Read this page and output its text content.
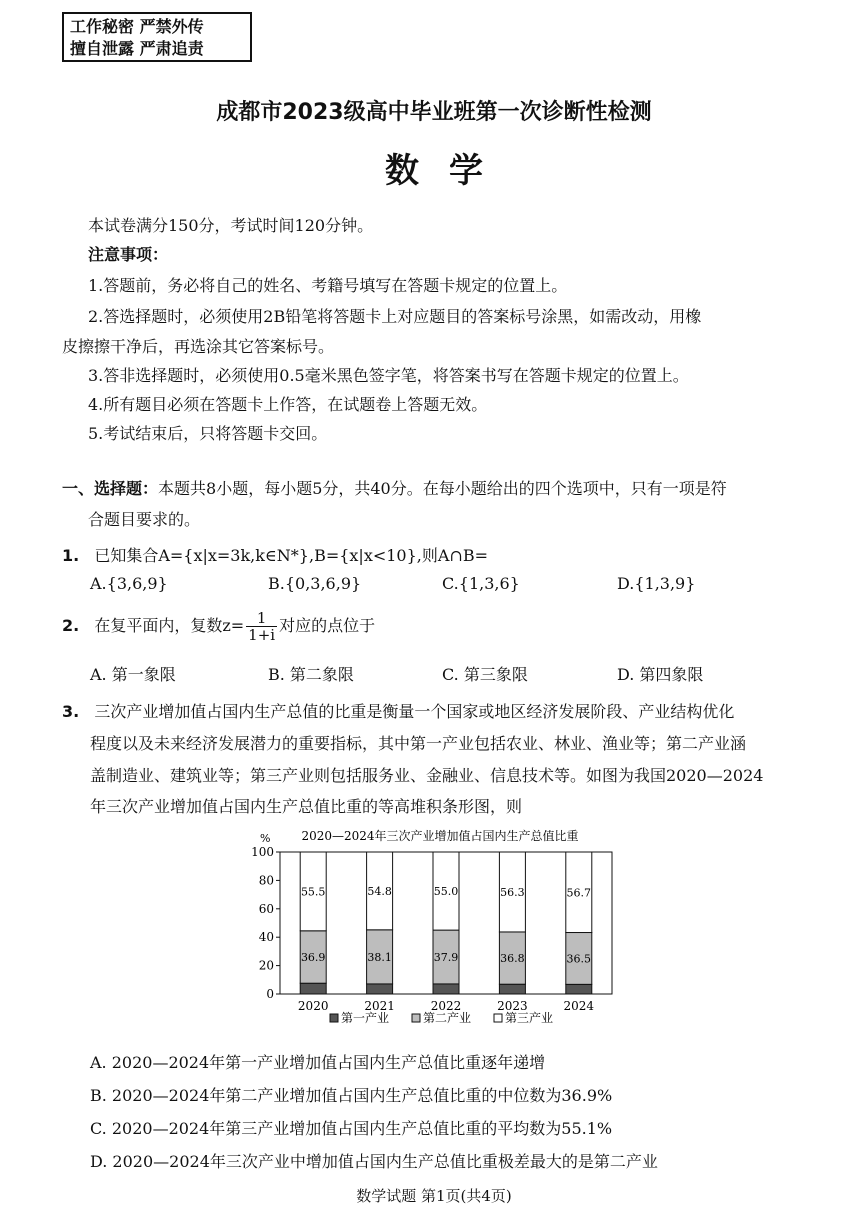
工作秘密 严禁外传
擅自泄露 严肃追责
成都市2023级高中毕业班第一次诊断性检测
数学
本试卷满分150分，考试时间120分钟。
注意事项：
1.答题前，务必将自己的姓名、考籍号填写在答题卡规定的位置上。
2.答选择题时，必须使用2B铅笔将答题卡上对应题目的答案标号涂黑，如需改动，用橡
皮擦擦干净后，再选涂其它答案标号。
3.答非选择题时，必须使用0.5毫米黑色签字笔，将答案书写在答题卡规定的位置上。
4.所有题目必须在答题卡上作答，在试题卷上答题无效。
5.考试结束后，只将答题卡交回。
一、选择题：本题共8小题，每小题5分，共40分。在每小题给出的四个选项中，只有一项是符
合题目要求的。
1. 已知集合A={x|x=3k,k∈N*},B={x|x<10},则A∩B=
A.{3,6,9}	B.{0,3,6,9}	C.{1,3,6}	D.{1,3,9}
2. 在复平面内，复数$z= \frac{1}{1+i}$ 对应的点位于
A. 第一象限	B. 第二象限	C. 第三象限	D. 第四象限
3. 三次产业增加值占国内生产总值的比重是衡量一个国家或地区经济发展阶段、产业结构优化
程度以及未来经济发展潜力的重要指标，其中第一产业包括农业、林业、渔业等；第二产业涵
盖制造业、建筑业等；第三产业则包括服务业、金融业、信息技术等。如图为我国2020—2024
年三次产业增加值占国内生产总值比重的等高堆积条形图，则
2020—2024年三次产业增加值占国内生产总值比重
%
0
20
40
60
80
100
36.9
55.5
38.1
54.8
37.9
55.0
36.8
56.3
36.5
56.7
2020	2021	2022	2023	2024
第一产业	第二产业	第三产业
A. 2020—2024年第一产业增加值占国内生产总值比重逐年递增
B. 2020—2024年第二产业增加值占国内生产总值比重的中位数为36.9%
C. 2020—2024年第三产业增加值占国内生产总值比重的平均数为55.1%
D. 2020—2024年三次产业中增加值占国内生产总值比重极差最大的是第二产业
数学试题 第1页(共4页)
